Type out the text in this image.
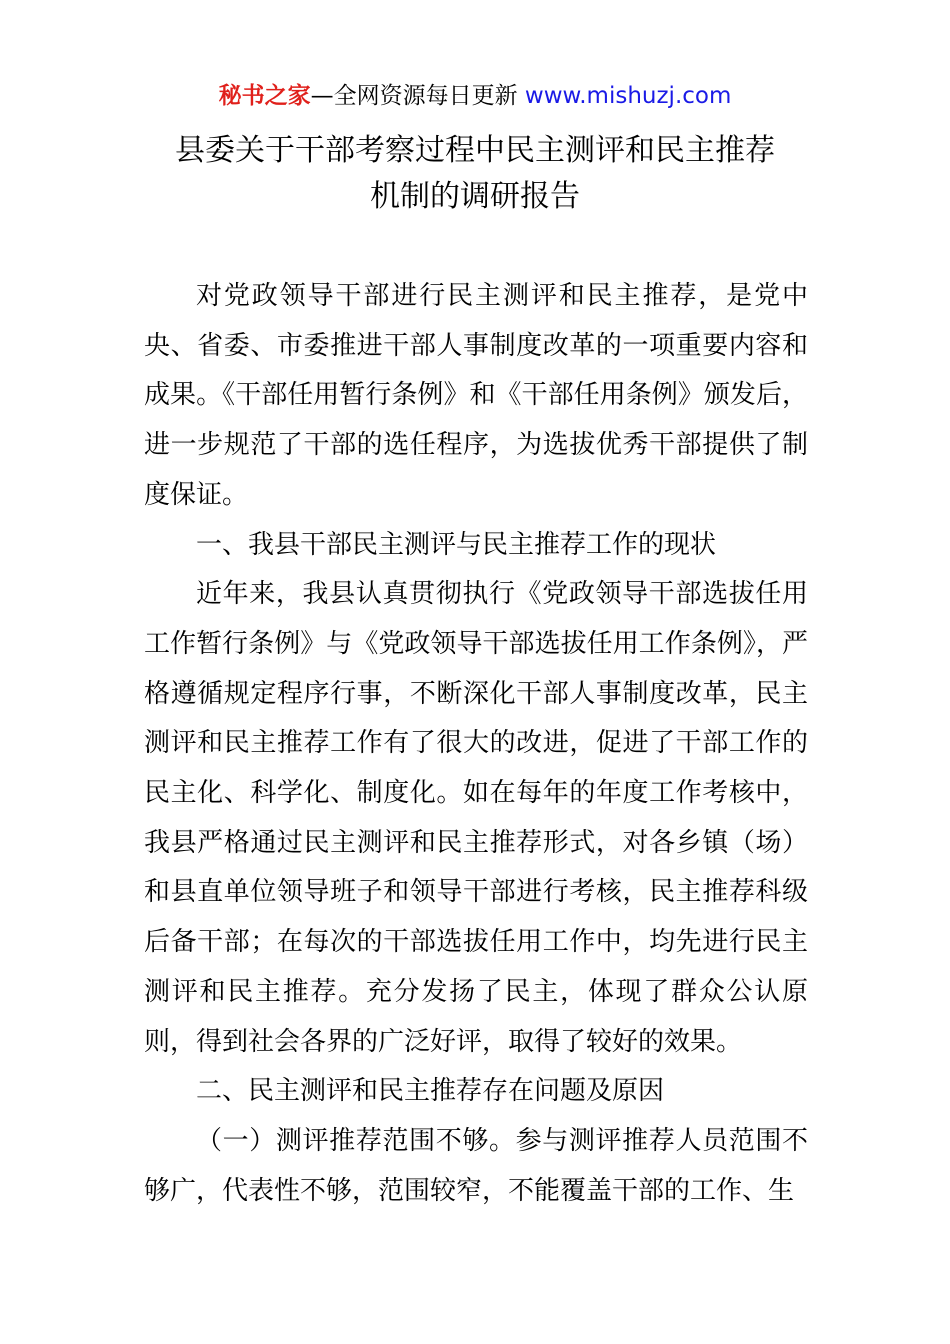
秘书之家—全网资源每日更新 www.mishuzj.com
县委关于干部考察过程中民主测评和民主推荐
机制的调研报告

对党政领导干部进行民主测评和民主推荐，是党中央、省委、市委推进干部人事制度改革的一项重要内容和成果。《干部任用暂行条例》和《干部任用条例》颁发后，进一步规范了干部的选任程序，为选拔优秀干部提供了制度保证。

一、我县干部民主测评与民主推荐工作的现状

近年来，我县认真贯彻执行《党政领导干部选拔任用工作暂行条例》与《党政领导干部选拔任用工作条例》，严格遵循规定程序行事，不断深化干部人事制度改革，民主测评和民主推荐工作有了很大的改进，促进了干部工作的民主化、科学化、制度化。如在每年的年度工作考核中，我县严格通过民主测评和民主推荐形式，对各乡镇（场）和县直单位领导班子和领导干部进行考核，民主推荐科级后备干部；在每次的干部选拔任用工作中，均先进行民主测评和民主推荐。充分发扬了民主，体现了群众公认原则，得到社会各界的广泛好评，取得了较好的效果。

二、民主测评和民主推荐存在问题及原因

（一）测评推荐范围不够。参与测评推荐人员范围不够广，代表性不够，范围较窄，不能覆盖干部的工作、生
